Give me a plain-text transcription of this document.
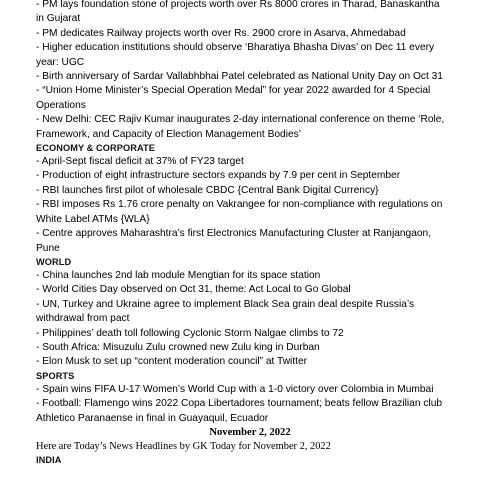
- PM lays foundation stone of projects worth over Rs 8000 crores in Tharad, Banaskantha
in Gujarat
- PM dedicates Railway projects worth over Rs. 2900 crore in Asarva, Ahmedabad
- Higher education institutions should observe ‘Bharatiya Bhasha Divas’ on Dec 11 every
year: UGC
- Birth anniversary of Sardar Vallabhbhai Patel celebrated as National Unity Day on Oct 31
- “Union Home Minister’s Special Operation Medal” for year 2022 awarded for 4 Special
Operations
- New Delhi: CEC Rajiv Kumar inaugurates 2-day international conference on theme ‘Role,
Framework, and Capacity of Election Management Bodies’
ECONOMY & CORPORATE
- April-Sept fiscal deficit at 37% of FY23 target
- Production of eight infrastructure sectors expands by 7.9 per cent in September
- RBI launches first pilot of wholesale CBDC {Central Bank Digital Currency}
- RBI imposes Rs 1.76 crore penalty on Vakrangee for non-compliance with regulations on
White Label ATMs {WLA}
- Centre approves Maharashtra’s first Electronics Manufacturing Cluster at Ranjangaon,
Pune
WORLD
- China launches 2nd lab module Mengtian for its space station
- World Cities Day observed on Oct 31, theme: Act Local to Go Global
- UN, Turkey and Ukraine agree to implement Black Sea grain deal despite Russia’s
withdrawal from pact
- Philippines’ death toll following Cyclonic Storm Nalgae climbs to 72
- South Africa: Misuzulu Zulu crowned new Zulu king in Durban
- Elon Musk to set up “content moderation council” at Twitter
SPORTS
- Spain wins FIFA U-17 Women’s World Cup with a 1-0 victory over Colombia in Mumbai
- Football: Flamengo wins 2022 Copa Libertadores tournament; beats fellow Brazilian club
Athletico Paranaense in final in Guayaquil, Ecuador
November 2, 2022
Here are Today’s News Headlines by GK Today for November 2, 2022
INDIA
